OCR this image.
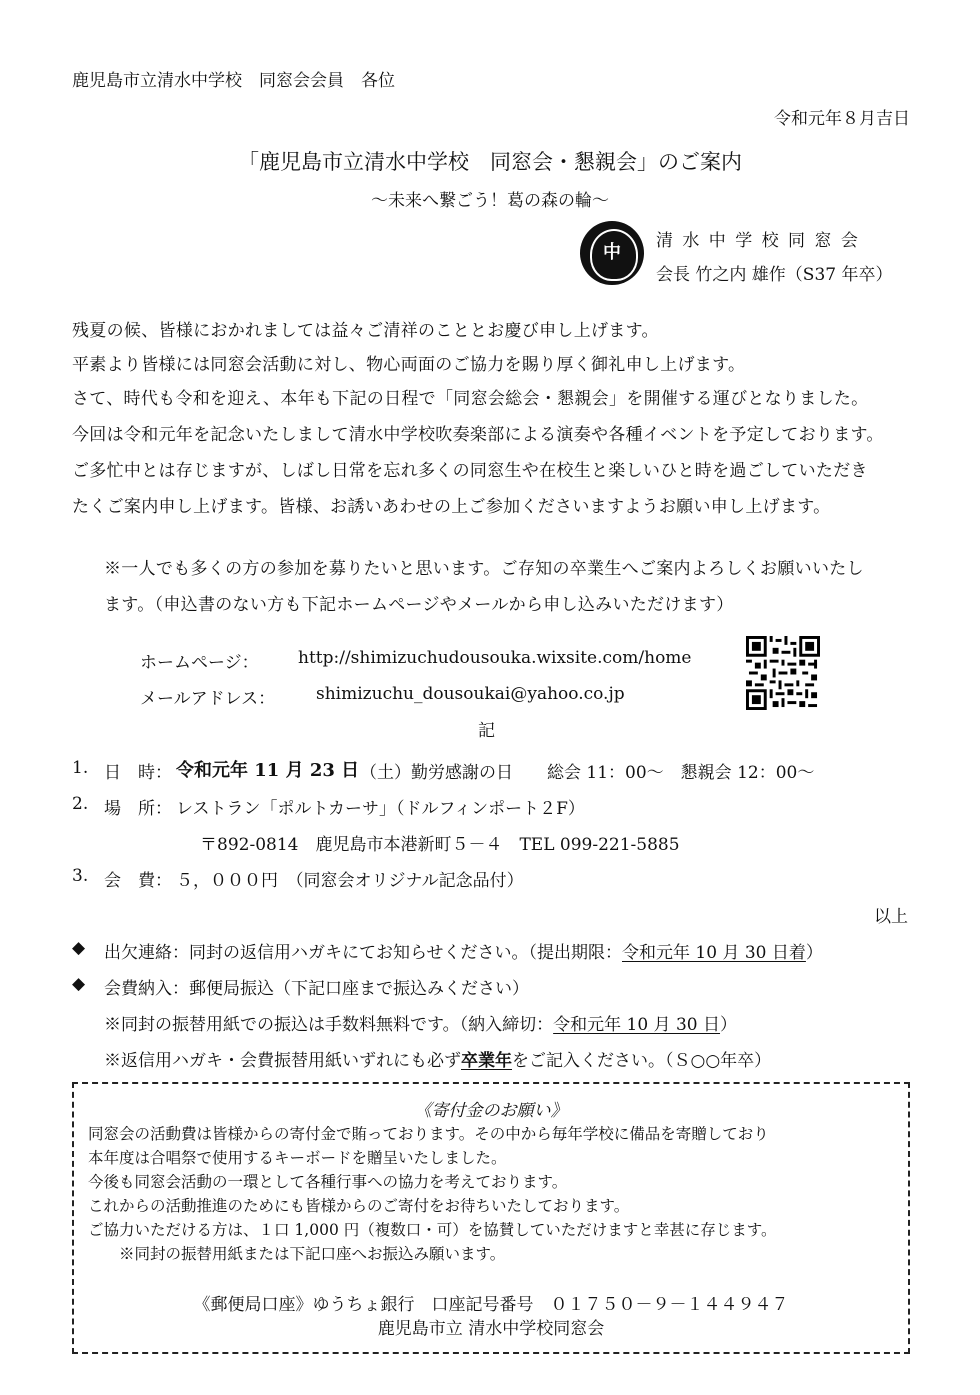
鹿児島市立清水中学校　同窓会会員　各位
令和元年８月吉日
「鹿児島市立清水中学校　同窓会・懇親会」のご案内
〜未来へ繋ごう！葛の森の輪〜
中
清 水 中 学 校 同 窓 会
会長 竹之内 雄作（S37 年卒）
残夏の候、皆様におかれましては益々ご清祥のこととお慶び申し上げます。
平素より皆様には同窓会活動に対し、物心両面のご協力を賜り厚く御礼申し上げます。
さて、時代も令和を迎え、本年も下記の日程で「同窓会総会・懇親会」を開催する運びとなりました。
今回は令和元年を記念いたしまして清水中学校吹奏楽部による演奏や各種イベントを予定しております。
ご多忙中とは存じますが、しばし日常を忘れ多くの同窓生や在校生と楽しいひと時を過ごしていただき
たくご案内申し上げます。皆様、お誘いあわせの上ご参加くださいますようお願い申し上げます。
※一人でも多くの方の参加を募りたいと思います。ご存知の卒業生へご案内よろしくお願いいたし
ます。（申込書のない方も下記ホームページやメールから申し込みいただけます）
ホームページ： http://shimizuchudousouka.wixsite.com/home
メールアドレス： shimizuchu_dousoukai@yahoo.co.jp
記
1. 日　時： 令和元年 11 月 23 日 （土）勤労感謝の日　　総会 11：00〜　懇親会 12：00〜
2. 場　所： レストラン「ポルトカーサ」（ドルフィンポート２F）
〒892-0814　鹿児島市本港新町５－４　TEL 099-221-5885
3. 会　費： ５，０００円　（同窓会オリジナル記念品付）
以上
◆ 出欠連絡：同封の返信用ハガキにてお知らせください。（提出期限：令和元年 10 月 30 日着）
◆ 会費納入：郵便局振込（下記口座まで振込みください）
※同封の振替用紙での振込は手数料無料です。（納入締切：令和元年 10 月 30 日）
※返信用ハガキ・会費振替用紙いずれにも必ず卒業年をご記入ください。（Ｓ○○年卒）
《寄付金のお願い》
同窓会の活動費は皆様からの寄付金で賄っております。その中から毎年学校に備品を寄贈しており
本年度は合唱祭で使用するキーボードを贈呈いたしました。
今後も同窓会活動の一環として各種行事への協力を考えております。
これからの活動推進のためにも皆様からのご寄付をお待ちいたしております。
ご協力いただける方は、１口 1,000 円（複数口・可）を協賛していただけますと幸甚に存じます。
　　※同封の振替用紙または下記口座へお振込み願います。
《郵便局口座》ゆうちょ銀行　口座記号番号　０１７５０－９－１４４９４７
鹿児島市立 清水中学校同窓会
